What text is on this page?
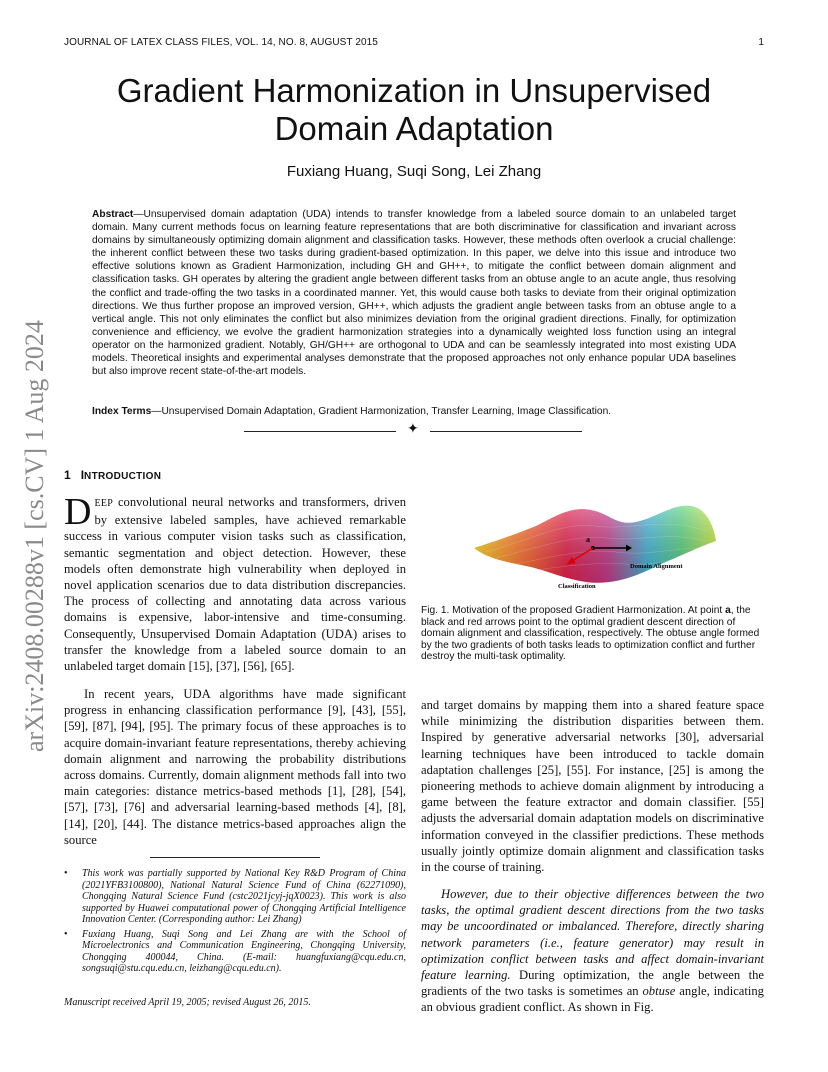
JOURNAL OF LATEX CLASS FILES, VOL. 14, NO. 8, AUGUST 2015	1
arXiv:2408.00288v1 [cs.CV] 1 Aug 2024
Gradient Harmonization in Unsupervised Domain Adaptation
Fuxiang Huang, Suqi Song, Lei Zhang
Abstract—Unsupervised domain adaptation (UDA) intends to transfer knowledge from a labeled source domain to an unlabeled target domain. Many current methods focus on learning feature representations that are both discriminative for classification and invariant across domains by simultaneously optimizing domain alignment and classification tasks. However, these methods often overlook a crucial challenge: the inherent conflict between these two tasks during gradient-based optimization. In this paper, we delve into this issue and introduce two effective solutions known as Gradient Harmonization, including GH and GH++, to mitigate the conflict between domain alignment and classification tasks. GH operates by altering the gradient angle between different tasks from an obtuse angle to an acute angle, thus resolving the conflict and trade-offing the two tasks in a coordinated manner. Yet, this would cause both tasks to deviate from their original optimization directions. We thus further propose an improved version, GH++, which adjusts the gradient angle between tasks from an obtuse angle to a vertical angle. This not only eliminates the conflict but also minimizes deviation from the original gradient directions. Finally, for optimization convenience and efficiency, we evolve the gradient harmonization strategies into a dynamically weighted loss function using an integral operator on the harmonized gradient. Notably, GH/GH++ are orthogonal to UDA and can be seamlessly integrated into most existing UDA models. Theoretical insights and experimental analyses demonstrate that the proposed approaches not only enhance popular UDA baselines but also improve recent state-of-the-art models.
Index Terms—Unsupervised Domain Adaptation, Gradient Harmonization, Transfer Learning, Image Classification.
✦
1 INTRODUCTION

DEEP convolutional neural networks and transformers, driven by extensive labeled samples, have achieved remarkable success in various computer vision tasks such as classification, semantic segmentation and object detection. However, these models often demonstrate high vulnerability when deployed in novel application scenarios due to data distribution discrepancies. The process of collecting and annotating data across various domains is expensive, labor-intensive and time-consuming. Consequently, Unsupervised Domain Adaptation (UDA) arises to transfer the knowledge from a labeled source domain to an unlabeled target domain [15], [37], [56], [65].

In recent years, UDA algorithms have made significant progress in enhancing classification performance [9], [43], [55], [59], [87], [94], [95]. The primary focus of these approaches is to acquire domain-invariant feature representations, thereby achieving domain alignment and narrowing the probability distributions across domains. Currently, domain alignment methods fall into two main categories: distance metrics-based methods [1], [28], [54], [57], [73], [76] and adversarial learning-based methods [4], [8], [14], [20], [44]. The distance metrics-based approaches align the source

a
Domain Alignment
Classification
Fig. 1. Motivation of the proposed Gradient Harmonization. At point a, the black and red arrows point to the optimal gradient descent direction of domain alignment and classification, respectively. The obtuse angle formed by the two gradients of both tasks leads to optimization conflict and further destroy the multi-task optimality.

and target domains by mapping them into a shared feature space while minimizing the distribution disparities between them. Inspired by generative adversarial networks [30], adversarial learning techniques have been introduced to tackle domain adaptation challenges [25], [55]. For instance, [25] is among the pioneering methods to achieve domain alignment by introducing a game between the feature extractor and domain classifier. [55] adjusts the adversarial domain adaptation models on discriminative information conveyed in the classifier predictions. These methods usually jointly optimize domain alignment and classification tasks in the course of training.

However, due to their objective differences between the two tasks, the optimal gradient descent directions from the two tasks may be uncoordinated or imbalanced. Therefore, directly sharing network parameters (i.e., feature generator) may result in optimization conflict between tasks and affect domain-invariant feature learning. During optimization, the angle between the gradients of the two tasks is sometimes an obtuse angle, indicating an obvious gradient conflict. As shown in Fig.

• This work was partially supported by National Key R&D Program of China (2021YFB3100800), National Natural Science Fund of China (62271090), Chongqing Natural Science Fund (cstc2021jcyj-jqX0023). This work is also supported by Huawei computational power of Chongqing Artificial Intelligence Innovation Center. (Corresponding author: Lei Zhang)
• Fuxiang Huang, Suqi Song and Lei Zhang are with the School of Microelectronics and Communication Engineering, Chongqing University, Chongqing 400044, China. (E-mail: huangfuxiang@cqu.edu.cn, songsuqi@stu.cqu.edu.cn, leizhang@cqu.edu.cn).
Manuscript received April 19, 2005; revised August 26, 2015.
